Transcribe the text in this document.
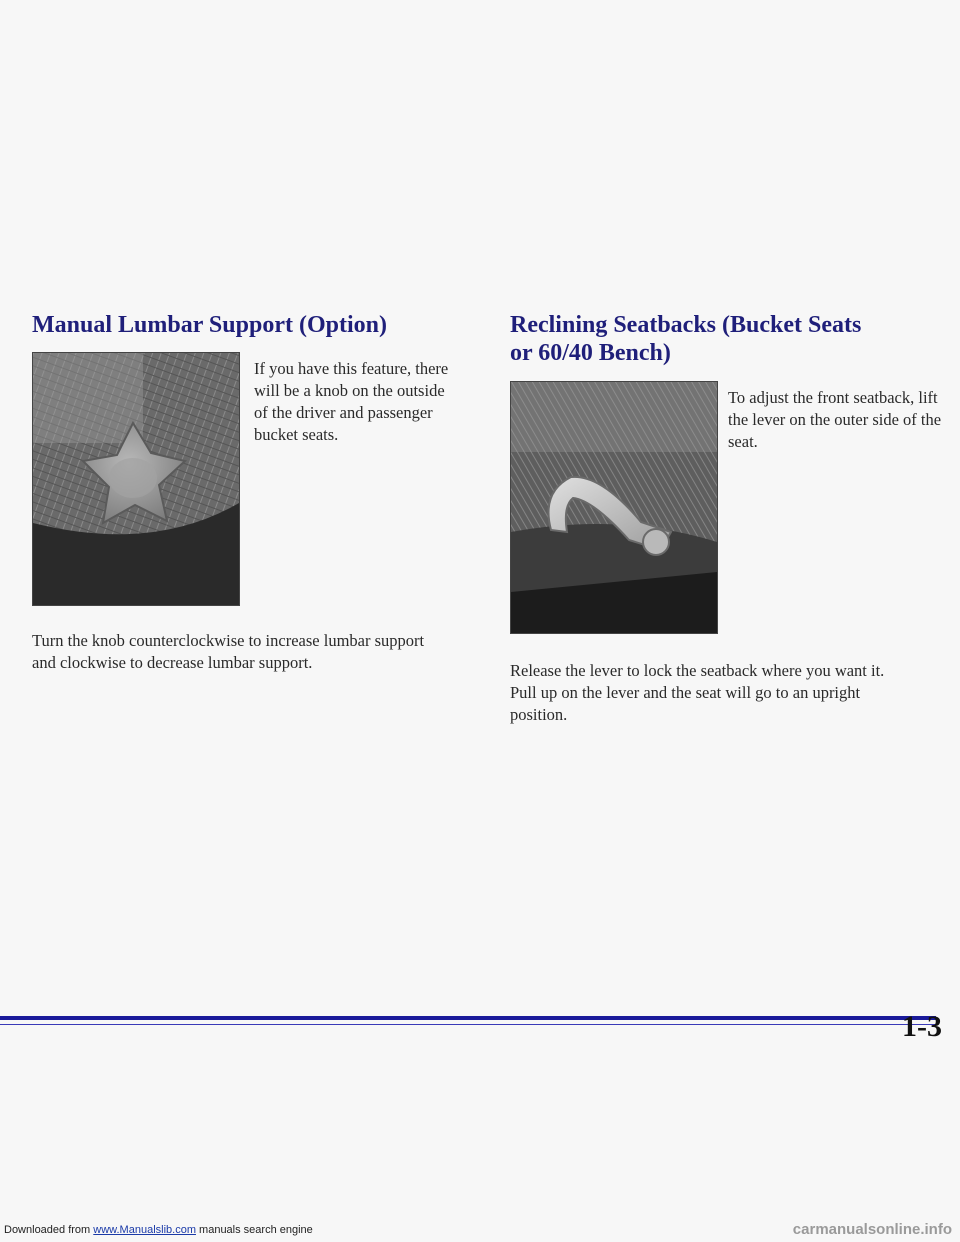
Manual Lumbar Support (Option)

If you have this feature, there will be a knob on the outside of the driver and passenger bucket seats.

Turn the knob counterclockwise to increase lumbar support and clockwise to decrease lumbar support.

Reclining Seatbacks (Bucket Seats
or 60/40 Bench)

To adjust the front seatback, lift the lever on the outer side of the seat.

Release the lever to lock the seatback where you want it. Pull up on the lever and the seat will go to an upright position.

1-3
Downloaded from www.Manualslib.com manuals search engine	carmanualsonline.info
